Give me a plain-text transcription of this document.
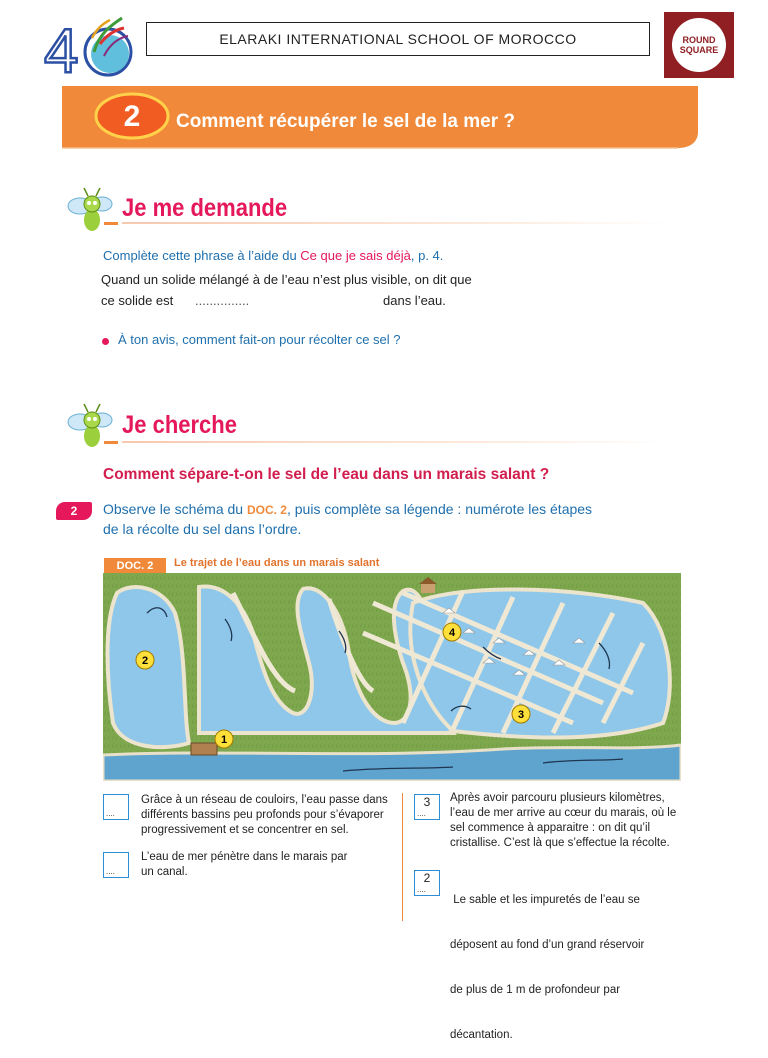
4	ELARAKI INTERNATIONAL SCHOOL OF MOROCCO	ROUND
SQUARE
2	Comment récupérer le sel de la mer ?
Je me demande
Complète cette phrase à l’aide du Ce que je sais déjà, p. 4.
Quand un solide mélangé à de l’eau n’est plus visible, on dit que
ce solide est ...............	dans l’eau.
À ton avis, comment fait-on pour récolter ce sel ?
Je cherche
Comment sépare-t-on le sel de l’eau dans un marais salant ?
2	Observe le schéma du DOC. 2, puis complète sa légende : numérote les étapes
de la récolte du sel dans l’ordre.
DOC. 2	Le trajet de l’eau dans un marais salant
2
1
3
4
....
Grâce à un réseau de couloirs, l’eau passe dans
différents bassins peu profonds pour s’évaporer
progressivement et se concentrer en sel.
....
L’eau de mer pénètre dans le marais par
un canal.
3
....
Après avoir parcouru plusieurs kilomètres,
l’eau de mer arrive au cœur du marais, où le
sel commence à apparaitre : on dit qu’il
cristallise. C’est là que s’effectue la récolte.
2
....

Le sable et les impuretés de l’eau se

déposent au fond d’un grand réservoir

de plus de 1 m de profondeur par

décantation.
